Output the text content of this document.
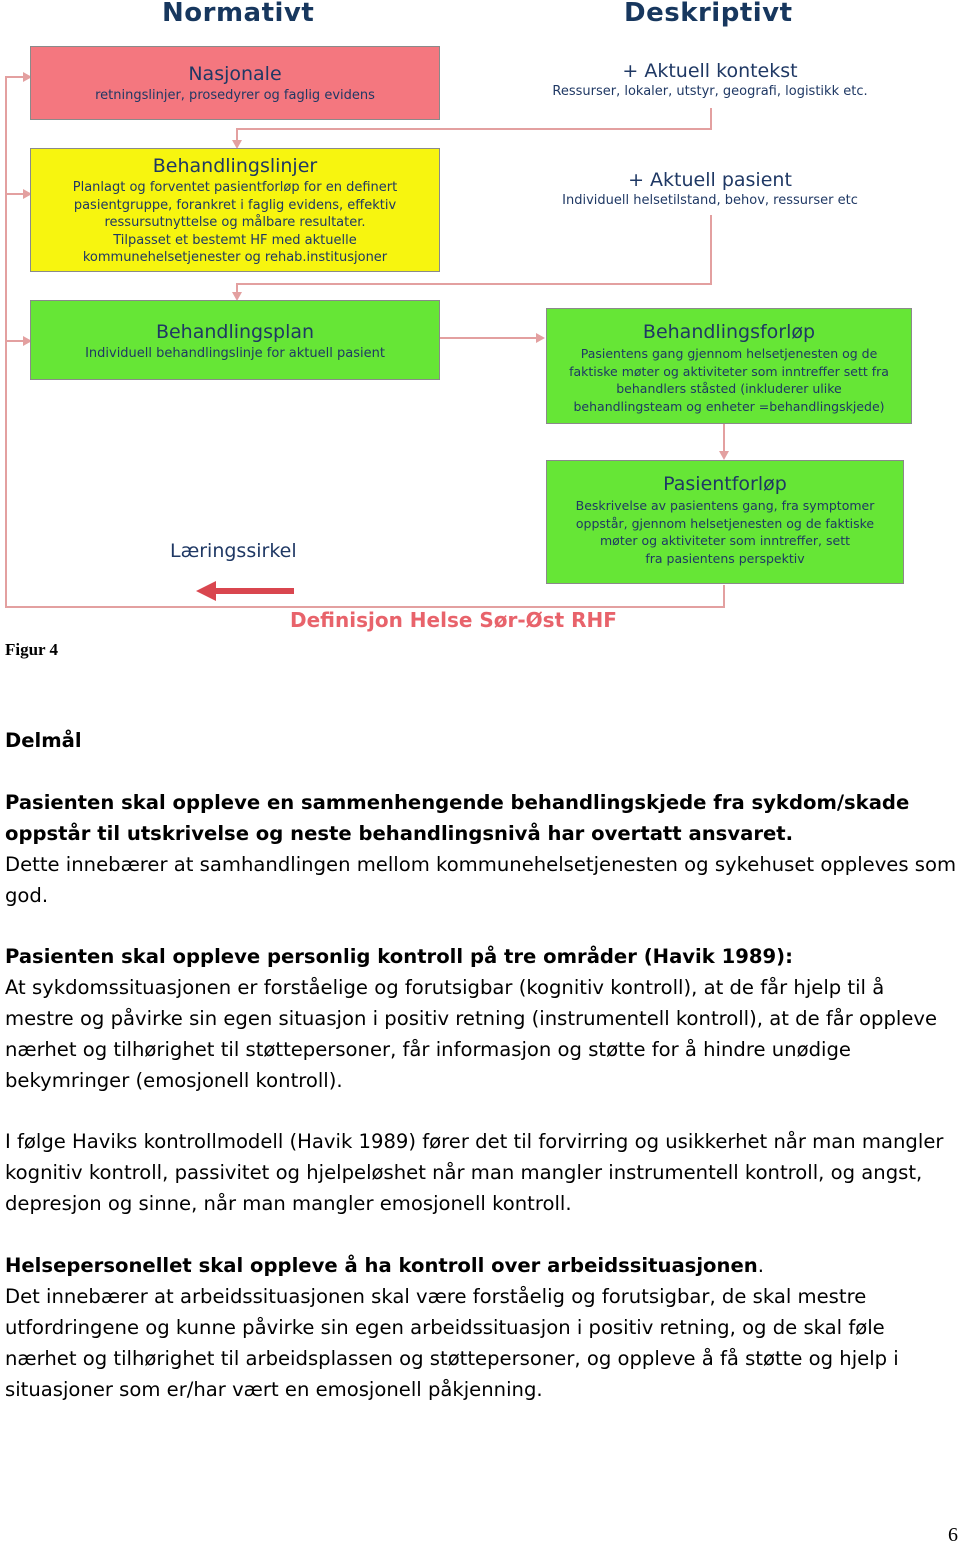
Normativt	Deskriptivt
Nasjonale
retningslinjer, prosedyrer og faglig evidens
Behandlingslinjer
Planlagt og forventet pasientforløp for en definert
pasientgruppe, forankret i faglig evidens, effektiv
ressursutnyttelse og målbare resultater.
Tilpasset et bestemt HF med aktuelle
kommunehelsetjenester og rehab.institusjoner
Behandlingsplan
Individuell behandlingslinje for aktuell pasient
+ Aktuell kontekst
Ressurser, lokaler, utstyr, geografi, logistikk etc.
+ Aktuell pasient
Individuell helsetilstand, behov, ressurser etc
Behandlingsforløp
Pasientens gang gjennom helsetjenesten og de
faktiske møter og aktiviteter som inntreffer sett fra
behandlers ståsted (inkluderer ulike
behandlingsteam og enheter =behandlingskjede)
Pasientforløp
Beskrivelse av pasientens gang, fra symptomer
oppstår, gjennom helsetjenesten og de faktiske
møter og aktiviteter som inntreffer, sett
fra pasientens perspektiv
Læringssirkel
Definisjon Helse Sør-Øst RHF
Figur 4
Delmål
Pasienten skal oppleve en sammenhengende behandlingskjede fra sykdom/skade oppstår til utskrivelse og neste behandlingsnivå har overtatt ansvaret.
Dette innebærer at samhandlingen mellom kommunehelsetjenesten og sykehuset oppleves som god.
Pasienten skal oppleve personlig kontroll på tre områder (Havik 1989):
At sykdomssituasjonen er forståelige og forutsigbar (kognitiv kontroll), at de får hjelp til å mestre og påvirke sin egen situasjon i positiv retning (instrumentell kontroll), at de får oppleve nærhet og tilhørighet til støttepersoner, får informasjon og støtte for å hindre unødige bekymringer (emosjonell kontroll).
I følge Haviks kontrollmodell (Havik 1989) fører det til forvirring og usikkerhet når man mangler kognitiv kontroll, passivitet og hjelpeløshet når man mangler instrumentell kontroll, og angst, depresjon og sinne, når man mangler emosjonell kontroll.
Helsepersonellet skal oppleve å ha kontroll over arbeidssituasjonen.
Det innebærer at arbeidssituasjonen skal være forståelig og forutsigbar, de skal mestre utfordringene og kunne påvirke sin egen arbeidssituasjon i positiv retning, og de skal føle nærhet og tilhørighet til arbeidsplassen og støttepersoner, og oppleve å få støtte og hjelp i situasjoner som er/har vært en emosjonell påkjenning.
6
